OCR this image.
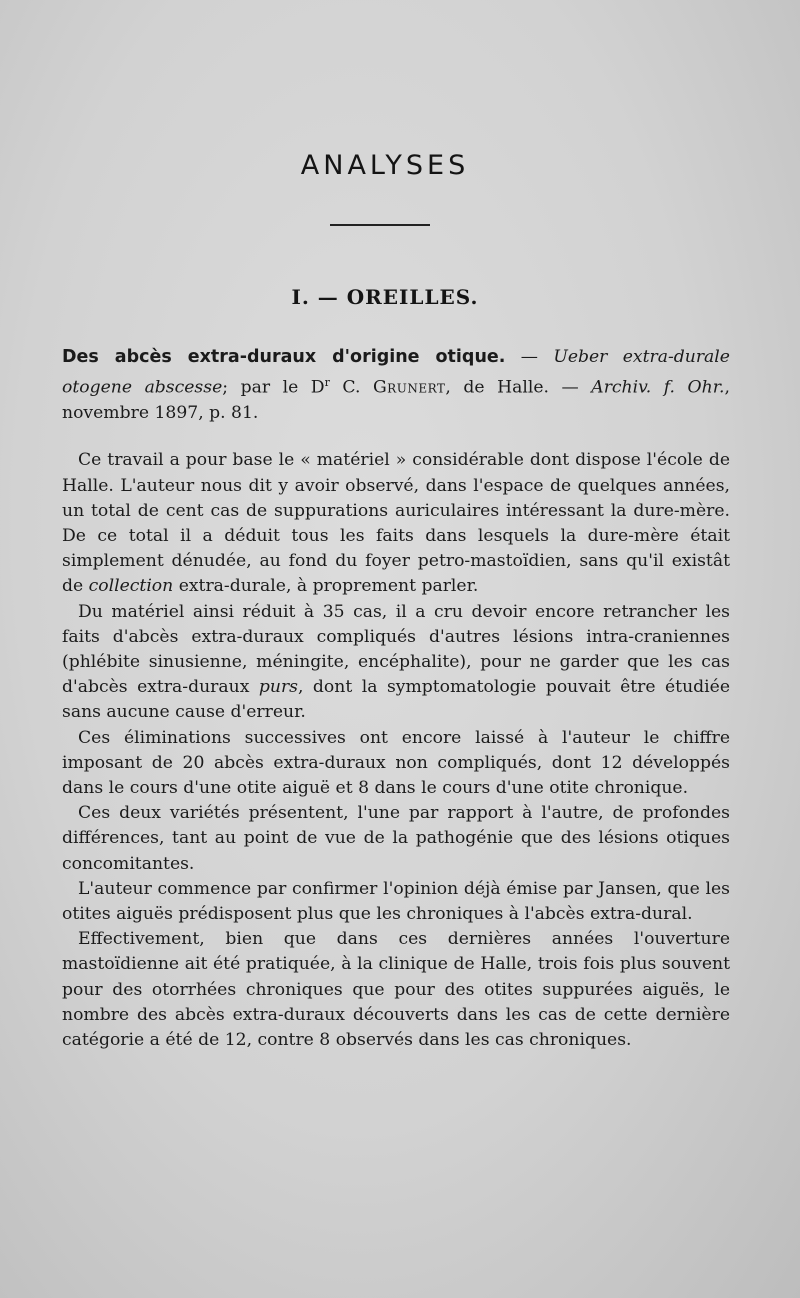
ANALYSES
I. — OREILLES.

Des abcès extra-duraux d'origine otique. — Ueber extra-durale otogene abscesse; par le $D^r$ C. Grunert, de Halle. — Archiv. f. Ohr., novembre 1897, p. 81.

Ce travail a pour base le « matériel » considérable dont dispose l'école de Halle. L'auteur nous dit y avoir observé, dans l'espace de quelques années, un total de cent cas de suppurations auriculaires intéressant la dure-mère. De ce total il a déduit tous les faits dans lesquels la dure-mère était simplement dénudée, au fond du foyer petro-mastoïdien, sans qu'il existât de collection extra-durale, à proprement parler.

Du matériel ainsi réduit à 35 cas, il a cru devoir encore retrancher les faits d'abcès extra-duraux compliqués d'autres lésions intra-craniennes (phlébite sinusienne, méningite, encéphalite), pour ne garder que les cas d'abcès extra-duraux purs, dont la symptomatologie pouvait être étudiée sans aucune cause d'erreur.

Ces éliminations successives ont encore laissé à l'auteur le chiffre imposant de 20 abcès extra-duraux non compliqués, dont 12 développés dans le cours d'une otite aiguë et 8 dans le cours d'une otite chronique.

Ces deux variétés présentent, l'une par rapport à l'autre, de profondes différences, tant au point de vue de la pathogénie que des lésions otiques concomitantes.

L'auteur commence par confirmer l'opinion déjà émise par Jansen, que les otites aiguës prédisposent plus que les chroniques à l'abcès extra-dural.

Effectivement, bien que dans ces dernières années l'ouverture mastoïdienne ait été pratiquée, à la clinique de Halle, trois fois plus souvent pour des otorrhées chroniques que pour des otites suppurées aiguës, le nombre des abcès extra-duraux découverts dans les cas de cette dernière catégorie a été de 12, contre 8 observés dans les cas chroniques.
